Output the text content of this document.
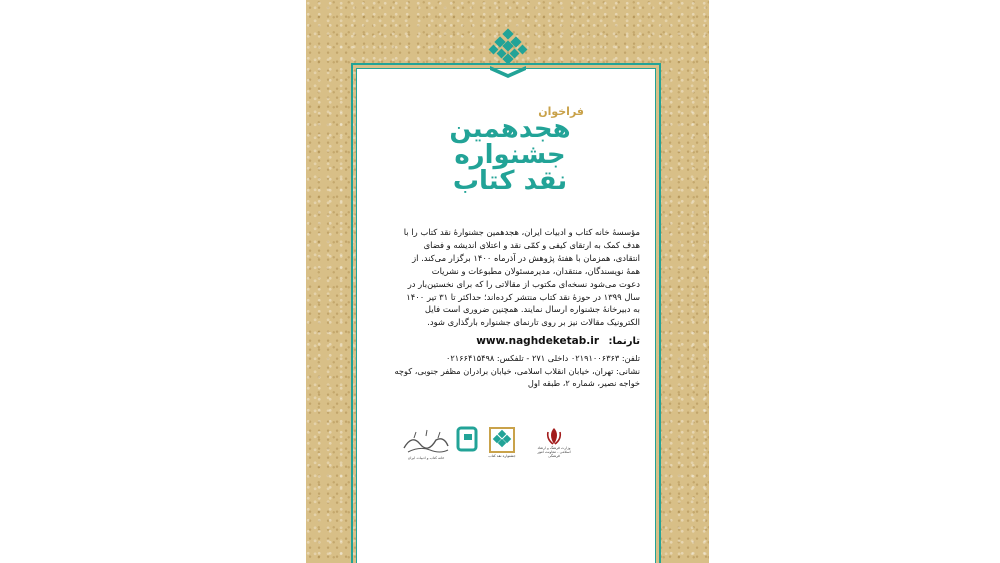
فراخوان
هجدهمین
جشنواره
نقد کتاب
مؤسسهٔ خانه کتاب و ادبیات ایران، هجدهمین جشنوارهٔ نقد کتاب را با
هدف کمک به ارتقای کیفی و کمّی نقد و اعتلای اندیشه و فضای
انتقادی، همزمان با هفتهٔ پژوهش در آذرماه ۱۴۰۰ برگزار می‌کند. از
همهٔ نویسندگان، منتقدان، مدیرمسئولان مطبوعات و نشریات
دعوت می‌شود نسخه‌ای مکتوب از مقالاتی را که برای نخستین‌بار در
سال ۱۳۹۹ در حوزهٔ نقد کتاب منتشر کرده‌اند؛ حداکثر تا ۳۱ تیر ۱۴۰۰
به دبیرخانهٔ جشنواره ارسال نمایند. همچنین ضروری است فایل
الکترونیک مقالات نیز بر روی تارنمای جشنواره بارگذاری شود.
تارنما: www.naghdeketab.ir
تلفن: ۰۲۱۹۱۰۰۶۳۶۳ داخلی ۲۷۱ - تلفکس: ۰۲۱۶۶۴۱۵۴۹۸
نشانی: تهران، خیابان انقلاب اسلامی، خیابان برادران مظفر جنوبی، کوچه
خواجه نصیر، شماره ۲، طبقه اول
خانه کتاب و ادبیات ایران	جشنواره نقد کتاب
وزارت فرهنگ و ارشاد اسلامی - معاونت امور فرهنگی
